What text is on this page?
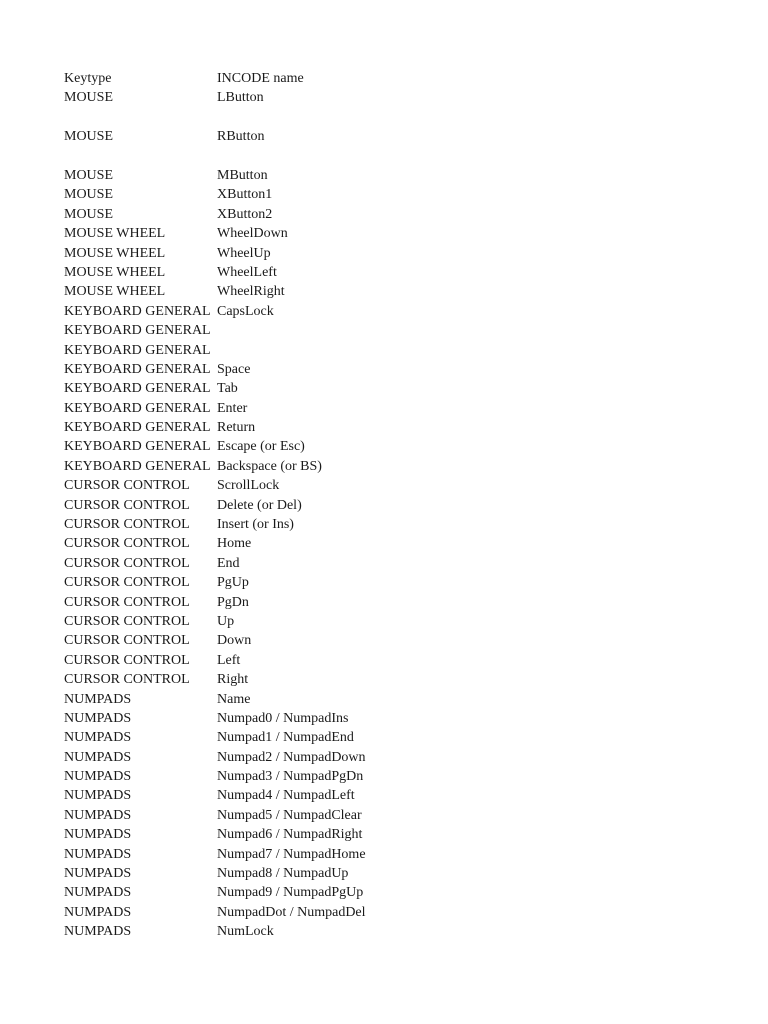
Keytype	INCODE name
MOUSE	LButton
MOUSE	RButton
MOUSE	MButton
MOUSE	XButton1
MOUSE	XButton2
MOUSE WHEEL	WheelDown
MOUSE WHEEL	WheelUp
MOUSE WHEEL	WheelLeft
MOUSE WHEEL	WheelRight
KEYBOARD GENERAL CapsLock
KEYBOARD GENERAL
KEYBOARD GENERAL
KEYBOARD GENERAL Space
KEYBOARD GENERAL Tab
KEYBOARD GENERAL Enter
KEYBOARD GENERAL Return
KEYBOARD GENERAL Escape (or Esc)
KEYBOARD GENERAL Backspace (or BS)
CURSOR CONTROL	ScrollLock
CURSOR CONTROL	Delete (or Del)
CURSOR CONTROL	Insert (or Ins)
CURSOR CONTROL	Home
CURSOR CONTROL	End
CURSOR CONTROL	PgUp
CURSOR CONTROL	PgDn
CURSOR CONTROL	Up
CURSOR CONTROL	Down
CURSOR CONTROL	Left
CURSOR CONTROL	Right
NUMPADS	Name
NUMPADS	Numpad0 / NumpadIns
NUMPADS	Numpad1 / NumpadEnd
NUMPADS	Numpad2 / NumpadDown
NUMPADS	Numpad3 / NumpadPgDn
NUMPADS	Numpad4 / NumpadLeft
NUMPADS	Numpad5 / NumpadClear
NUMPADS	Numpad6 / NumpadRight
NUMPADS	Numpad7 / NumpadHome
NUMPADS	Numpad8 / NumpadUp
NUMPADS	Numpad9 / NumpadPgUp
NUMPADS	NumpadDot / NumpadDel
NUMPADS	NumLock
